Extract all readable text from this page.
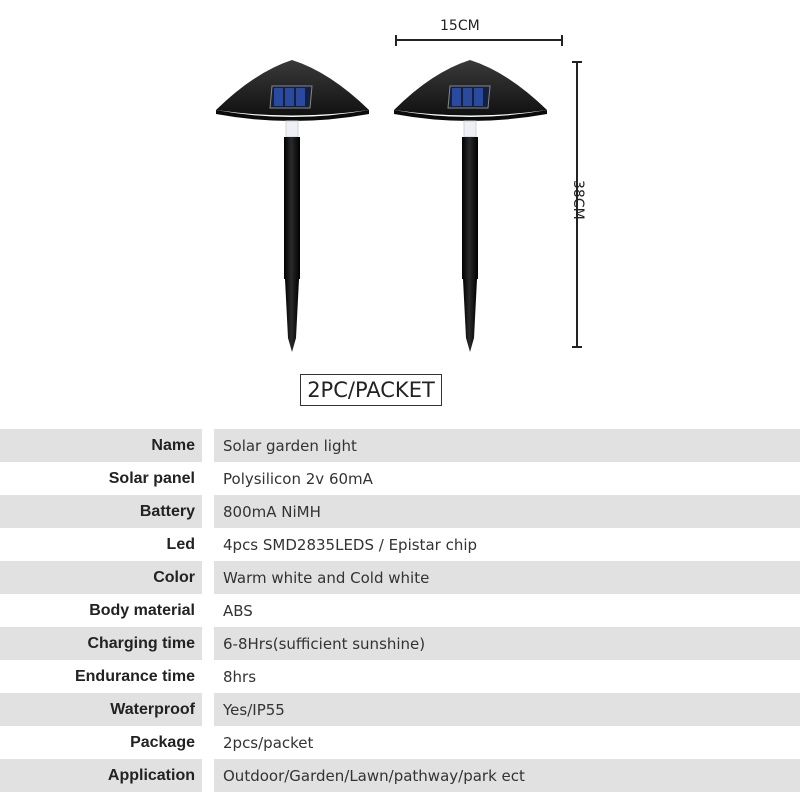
15CM
38CM
2PC/PACKET
Name	Solar garden light
Solar panel	Polysilicon 2v 60mA
Battery	800mA NiMH
Led	4pcs SMD2835LEDS / Epistar chip
Color	Warm white and Cold white
Body material	ABS
Charging time	6-8Hrs(sufficient sunshine)
Endurance time	8hrs
Waterproof	Yes/IP55
Package	2pcs/packet
Application	Outdoor/Garden/Lawn/pathway/park ect
